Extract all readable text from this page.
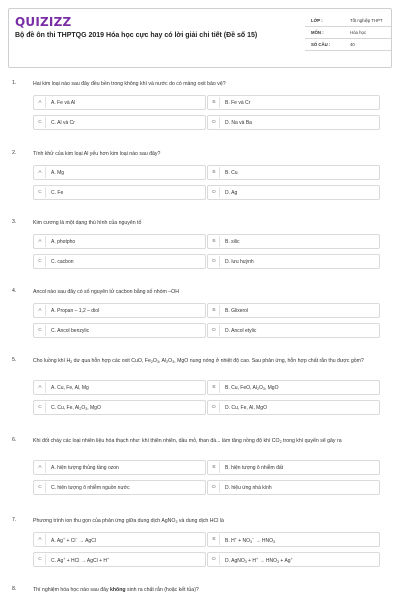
QUIZIZZ
Bộ đề ôn thi THPTQG 2019 Hóa học cực hay có lời giải chi tiết (Đề số 15)
LỚP :	Tốt nghiệp THPT
MÔN :	Hóa học
SỐ CÂU :	40
1.	Hai kim loại nào sau đây đều bền trong không khí và nước do có màng oxit bảo vệ?
2.	Tính khử của kim loại Al yếu hơn kim loại nào sau đây?
3.	Kim cương là một dạng thù hình của nguyên tố
4.	Ancol nào sau đây có số nguyên tử cacbon bằng số nhóm –OH
5.	Cho luồng khí $H_2$ dư qua hỗn hợp các oxit CuO, $Fe_2O_3$, $Al_2O_3$, MgO nung nóng ở nhiệt độ cao. Sau phản ứng, hỗn hợp chất rắn thu được gồm?
6.	Khi đốt cháy các loại nhiên liệu hóa thạch như: khí thiên nhiên, dầu mỏ, than đá... làm tăng nồng độ khí $CO_2$ trong khí quyển sẽ gây ra
7.	Phương trình ion thu gọn của phản ứng giữa dung dịch AgNO$_3$ và dung dịch HCl là
8.	Thí nghiệm hóa học nào sau đây không sinh ra chất rắn (hoặc kết tủa)?
A	A. Fe và Al	B	B. Fe và Cr
C	C. Al và Cr	D	D. Na và Ba
A	A. Mg	B	B. Cu
C	C. Fe	D	D. Ag
A	A. photpho	B	B. silic
C	C. cacbon	D	D. lưu huỳnh
A	A. Propan – 1,2 – diol	B	B. Glixerol
C	C. Ancol benzylic	D	D. Ancol etylic
A	A. Cu, Fe, Al, Mg	B	B. Cu, FeO, $Al_2O_3$, MgO
C	C. Cu, Fe, $Al_2O_3$, MgO	D	D. Cu, Fe, Al, MgO
A	A. hiện tượng thủng tầng ozon	B	B. hiện tượng ô nhiễm đất
C	C. hiện tượng ô nhiễm nguồn nước	D	D. hiệu ứng nhà kính
A	A. Ag+ + Cl− → AgCl	B	B. $H^+ + NO_3^- \to HNO_3$
C	C. Ag+ + HCl → AgCl + H+	D	D. AgNO$_3$ + $H^+ \to HNO_3 + Ag^+$
